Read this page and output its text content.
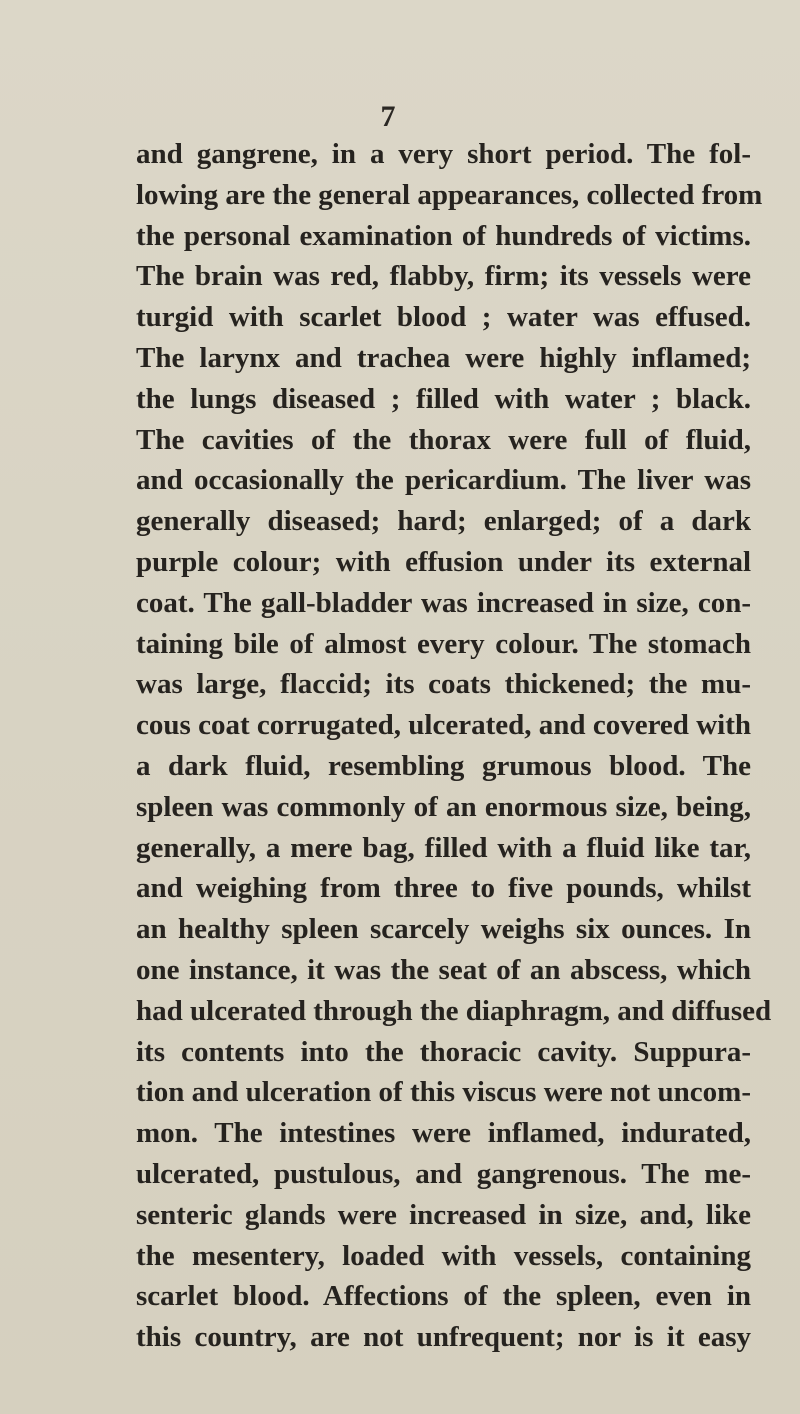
7
and gangrene, in a very short period. The fol-
lowing are the general appearances, collected from
the personal examination of hundreds of victims.
The brain was red, flabby, firm; its vessels were
turgid with scarlet blood ; water was effused.
The larynx and trachea were highly inflamed;
the lungs diseased ; filled with water ; black.
The cavities of the thorax were full of fluid,
and occasionally the pericardium. The liver was
generally diseased; hard; enlarged; of a dark
purple colour; with effusion under its external
coat. The gall-bladder was increased in size, con-
taining bile of almost every colour. The stomach
was large, flaccid; its coats thickened; the mu-
cous coat corrugated, ulcerated, and covered with
a dark fluid, resembling grumous blood. The
spleen was commonly of an enormous size, being,
generally, a mere bag, filled with a fluid like tar,
and weighing from three to five pounds, whilst
an healthy spleen scarcely weighs six ounces. In
one instance, it was the seat of an abscess, which
had ulcerated through the diaphragm, and diffused
its contents into the thoracic cavity. Suppura-
tion and ulceration of this viscus were not uncom-
mon. The intestines were inflamed, indurated,
ulcerated, pustulous, and gangrenous. The me-
senteric glands were increased in size, and, like
the mesentery, loaded with vessels, containing
scarlet blood. Affections of the spleen, even in
this country, are not unfrequent; nor is it easy
